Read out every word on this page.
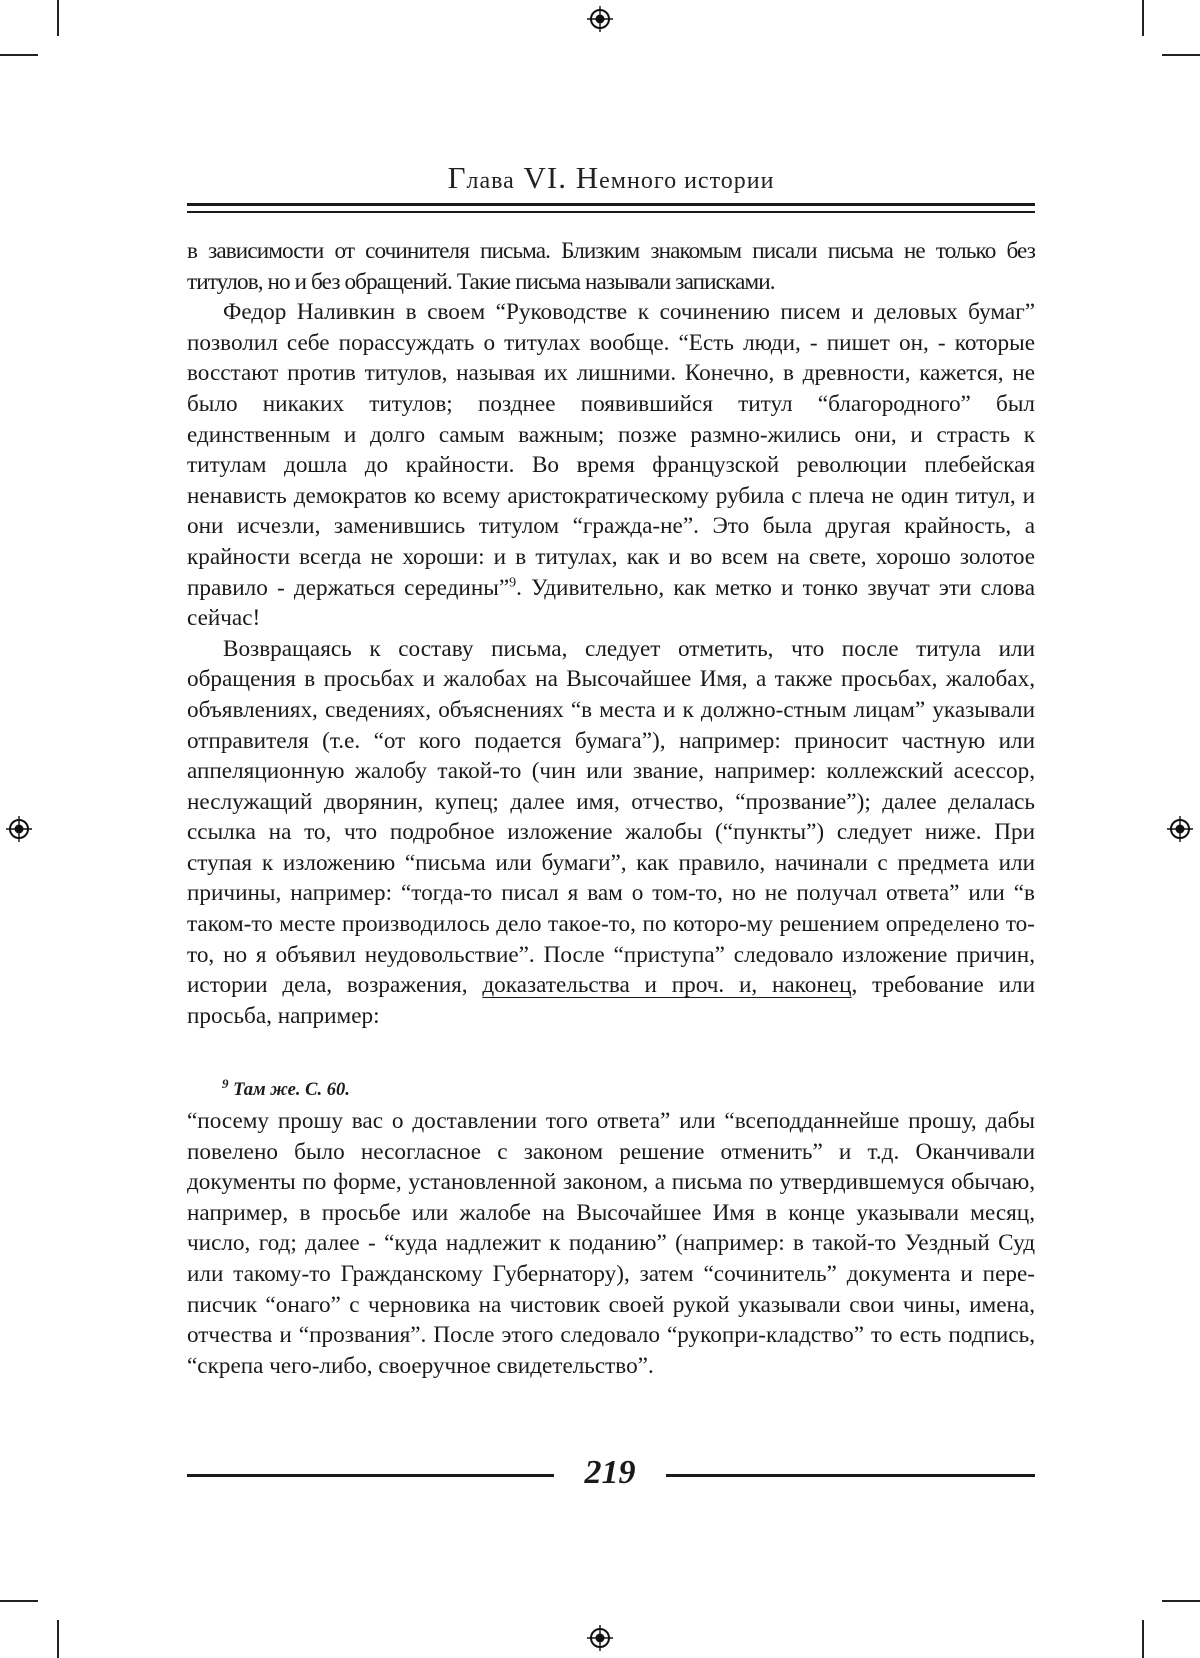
Глава VI. Немного истории

в зависимости от сочинителя письма. Близким знакомым писали письма не только без титулов, но и без обращений. Такие письма называли записками.

Федор Наливкин в своем “Руководстве к сочинению писем и деловых бумаг” позволил себе порассуждать о титулах вообще. “Есть люди, - пишет он, - которые восстают против титулов, называя их лишними. Конечно, в древности, кажется, не было никаких титулов; позднее появившийся титул “благородного” был единственным и долго самым важным; позже размно-жились они, и страсть к титулам дошла до крайности. Во время французской революции плебейская ненависть демократов ко всему аристократическому рубила с плеча не один титул, и они исчезли, заменившись титулом “гражда-не”. Это была другая крайность, а крайности всегда не хороши: и в титулах, как и во всем на свете, хорошо золотое правило - держаться середины”$^9$. Удивительно, как метко и тонко звучат эти слова сейчас!

Возвращаясь к составу письма, следует отметить, что после титула или обращения в просьбах и жалобах на Высочайшее Имя, а также просьбах, жалобах, объявлениях, сведениях, объяснениях “в места и к должно-стным лицам” указывали отправителя (т.е. “от кого подается бумага”), например: приносит частную или аппеляционную жалобу такой-то (чин или звание, например: коллежский асессор, неслужащий дворянин, купец; далее имя, отчество, “прозвание”); далее делалась ссылка на то, что подробное изложение жалобы (“пункты”) следует ниже. При ступая к изложению “письма или бумаги”, как правило, начинали с предмета или причины, например: “тогда-то писал я вам о том-то, но не получал ответа” или “в таком-то месте производилось дело такое-то, по которо-му решением определено то-то, но я объявил неудовольствие”. После “приступа” следовало изложение причин, истории дела, возражения, доказательства и проч. и, наконец, требование или просьба, например:

$^9$ Там же. С. 60.

“посему прошу вас о доставлении того ответа” или “всеподданнейше прошу, дабы повелено было несогласное с законом решение отменить” и т.д. Оканчивали документы по форме, установленной законом, а письма по утвердившемуся обычаю, например, в просьбе или жалобе на Высочайшее Имя в конце указывали месяц, число, год; далее - “куда надлежит к поданию” (например: в такой-то Уездный Суд или такому-то Гражданскому Губернатору), затем “сочинитель” документа и пере-писчик “онаго” с черновика на чистовик своей рукой указывали свои чины, имена, отчества и “прозвания”. После этого следовало “рукопри-кладство” то есть подпись, “скрепа чего-либо, своеручное свидетельство”.

219
